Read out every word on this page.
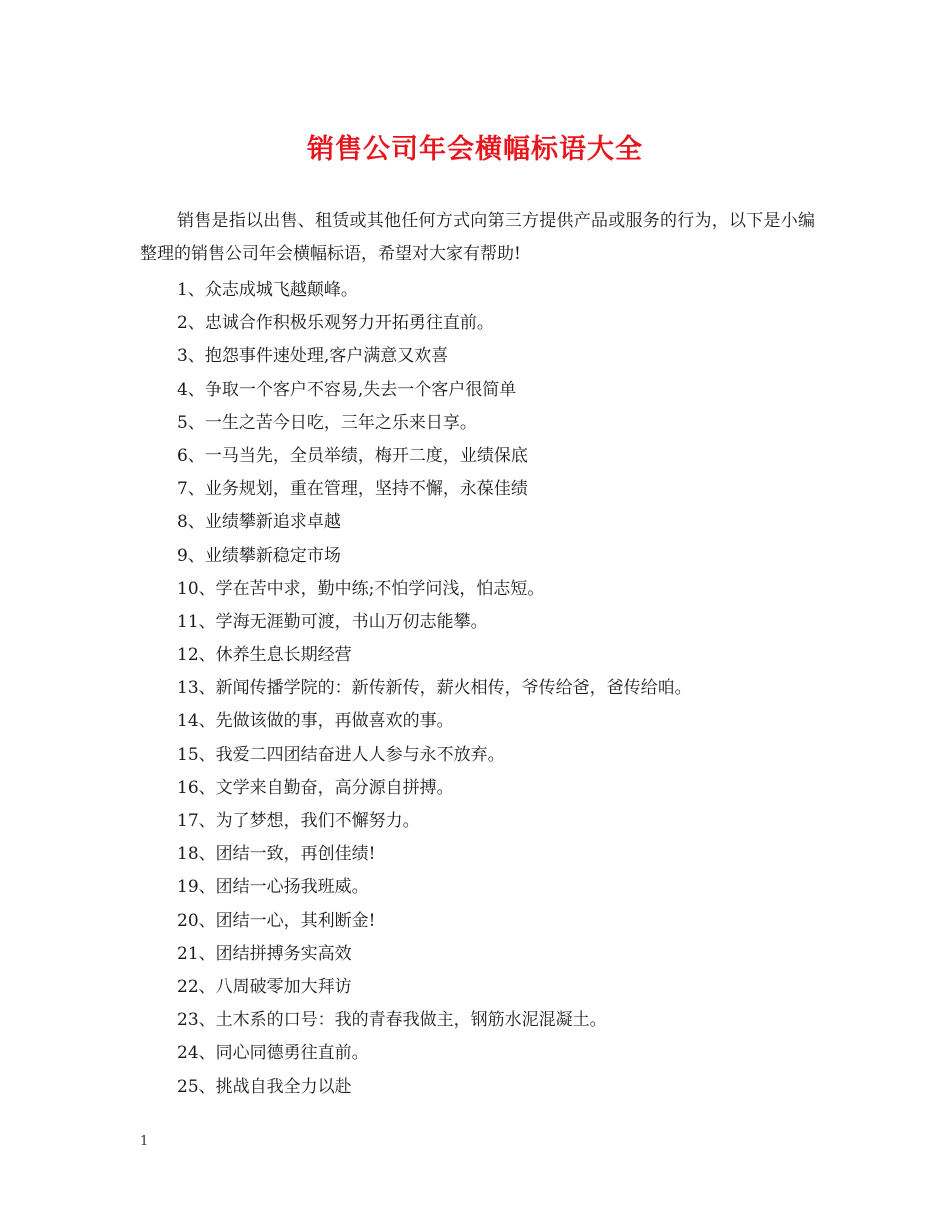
销售公司年会横幅标语大全
销售是指以出售、租赁或其他任何方式向第三方提供产品或服务的行为，以下是小编整理的销售公司年会横幅标语，希望对大家有帮助!
1、众志成城飞越颠峰。
2、忠诚合作积极乐观努力开拓勇往直前。
3、抱怨事件速处理,客户满意又欢喜
4、争取一个客户不容易,失去一个客户很简单
5、一生之苦今日吃，三年之乐来日享。
6、一马当先，全员举绩，梅开二度，业绩保底
7、业务规划，重在管理，坚持不懈，永葆佳绩
8、业绩攀新追求卓越
9、业绩攀新稳定市场
10、学在苦中求，勤中练;不怕学问浅，怕志短。
11、学海无涯勤可渡，书山万仞志能攀。
12、休养生息长期经营
13、新闻传播学院的：新传新传，薪火相传，爷传给爸，爸传给咱。
14、先做该做的事，再做喜欢的事。
15、我爱二四团结奋进人人参与永不放弃。
16、文学来自勤奋，高分源自拼搏。
17、为了梦想，我们不懈努力。
18、团结一致，再创佳绩!
19、团结一心扬我班威。
20、团结一心，其利断金!
21、团结拼搏务实高效
22、八周破零加大拜访
23、土木系的口号：我的青春我做主，钢筋水泥混凝土。
24、同心同德勇往直前。
25、挑战自我全力以赴
1
